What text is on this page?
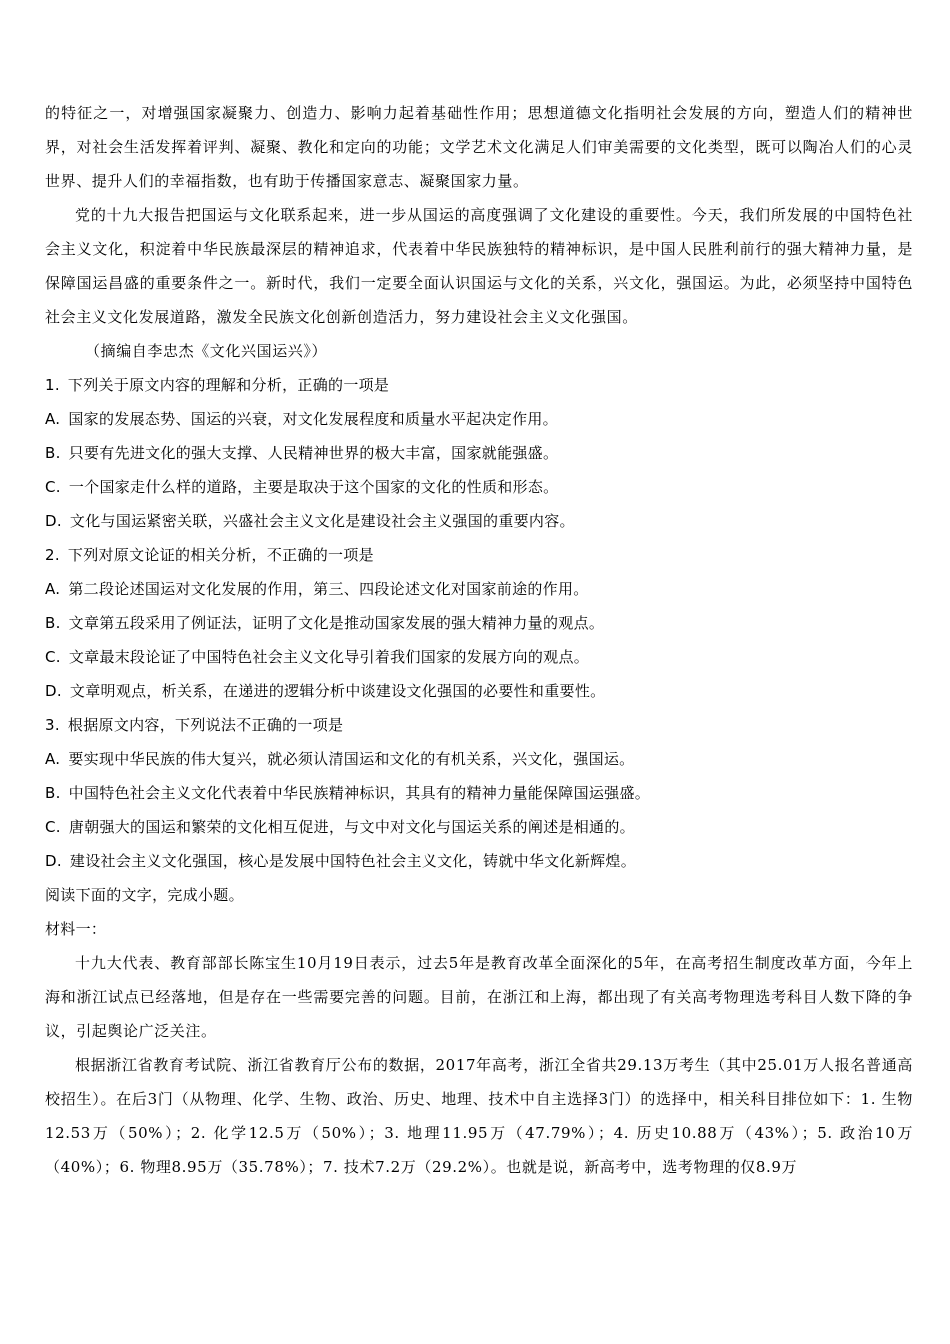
的特征之一，对增强国家凝聚力、创造力、影响力起着基础性作用；思想道德文化指明社会发展的方向，塑造人们的精神世界，对社会生活发挥着评判、凝聚、教化和定向的功能；文学艺术文化满足人们审美需要的文化类型，既可以陶冶人们的心灵世界、提升人们的幸福指数，也有助于传播国家意志、凝聚国家力量。

党的十九大报告把国运与文化联系起来，进一步从国运的高度强调了文化建设的重要性。今天，我们所发展的中国特色社会主义文化，积淀着中华民族最深层的精神追求，代表着中华民族独特的精神标识，是中国人民胜利前行的强大精神力量，是保障国运昌盛的重要条件之一。新时代，我们一定要全面认识国运与文化的关系，兴文化，强国运。为此，必须坚持中国特色社会主义文化发展道路，激发全民族文化创新创造活力，努力建设社会主义文化强国。

（摘编自李忠杰《文化兴国运兴》）

1. 下列关于原文内容的理解和分析，正确的一项是

A. 国家的发展态势、国运的兴衰，对文化发展程度和质量水平起决定作用。

B. 只要有先进文化的强大支撑、人民精神世界的极大丰富，国家就能强盛。

C. 一个国家走什么样的道路，主要是取决于这个国家的文化的性质和形态。

D. 文化与国运紧密关联，兴盛社会主义文化是建设社会主义强国的重要内容。

2. 下列对原文论证的相关分析，不正确的一项是

A. 第二段论述国运对文化发展的作用，第三、四段论述文化对国家前途的作用。

B. 文章第五段采用了例证法，证明了文化是推动国家发展的强大精神力量的观点。

C. 文章最末段论证了中国特色社会主义文化导引着我们国家的发展方向的观点。

D. 文章明观点，析关系，在递进的逻辑分析中谈建设文化强国的必要性和重要性。

3. 根据原文内容，下列说法不正确的一项是

A. 要实现中华民族的伟大复兴，就必须认清国运和文化的有机关系，兴文化，强国运。

B. 中国特色社会主义文化代表着中华民族精神标识，其具有的精神力量能保障国运强盛。

C. 唐朝强大的国运和繁荣的文化相互促进，与文中对文化与国运关系的阐述是相通的。

D. 建设社会主义文化强国，核心是发展中国特色社会主义文化，铸就中华文化新辉煌。

阅读下面的文字，完成小题。

材料一：

十九大代表、教育部部长陈宝生10月19日表示，过去5年是教育改革全面深化的5年，在高考招生制度改革方面，今年上海和浙江试点已经落地，但是存在一些需要完善的问题。目前，在浙江和上海，都出现了有关高考物理选考科目人数下降的争议，引起舆论广泛关注。

根据浙江省教育考试院、浙江省教育厅公布的数据，2017年高考，浙江全省共29.13万考生（其中25.01万人报名普通高校招生）。在后3门（从物理、化学、生物、政治、历史、地理、技术中自主选择3门）的选择中，相关科目排位如下：1. 生物12.53万（50%）；2. 化学12.5万（50%）；3. 地理11.95万（47.79%）；4. 历史10.88万（43%）；5. 政治10万（40%）；6. 物理8.95万（35.78%）；7. 技术7.2万（29.2%）。也就是说，新高考中，选考物理的仅8.9万
